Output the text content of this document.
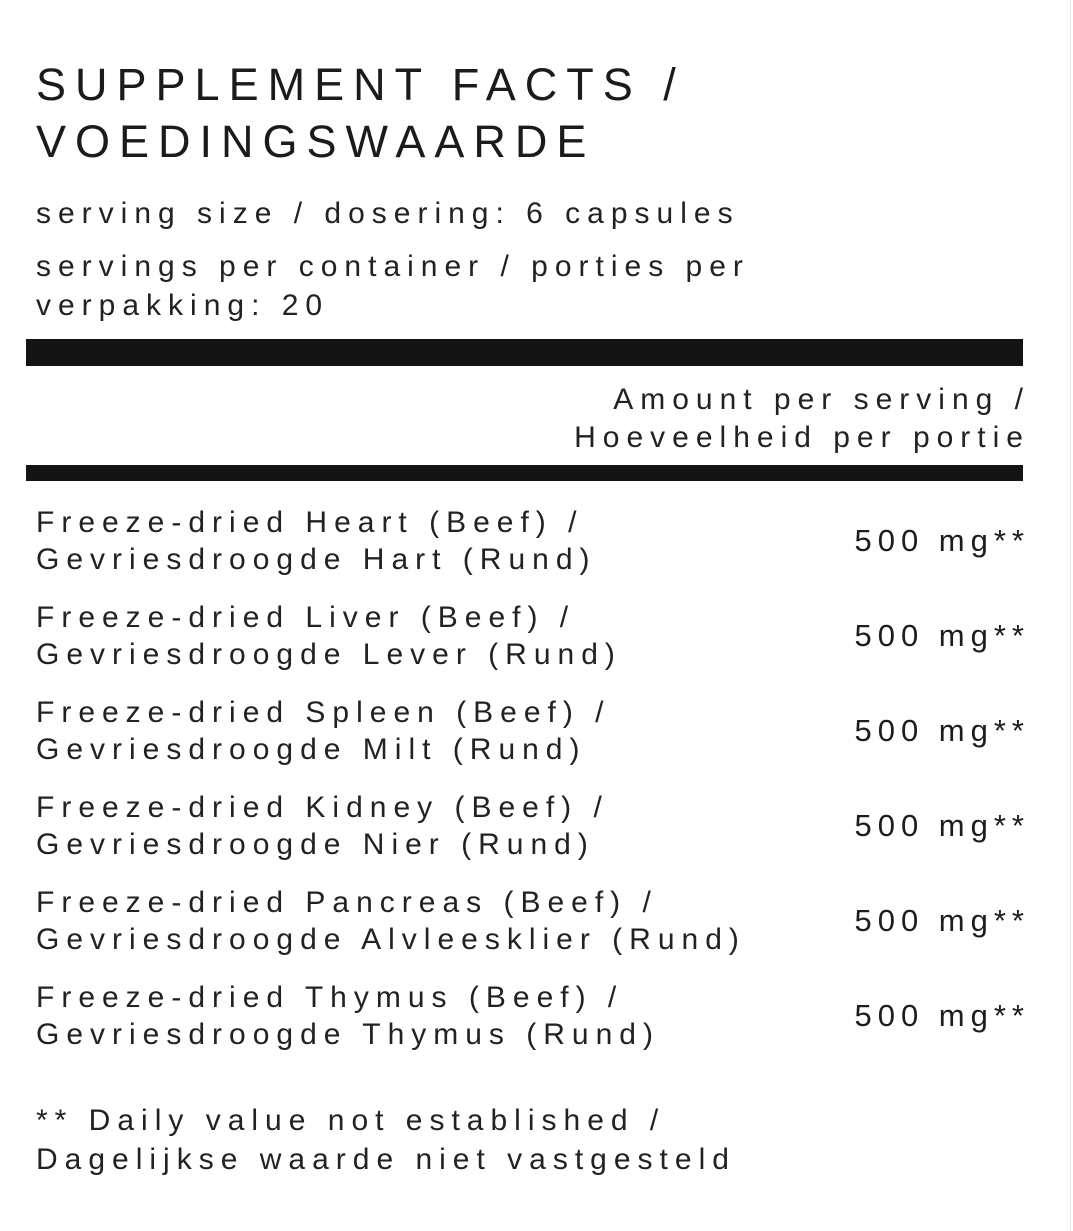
SUPPLEMENT FACTS /
VOEDINGSWAARDE

serving size / dosering: 6 capsules

servings per container / porties per verpakking: 20

Amount per serving /
Hoeveelheid per portie
Freeze-dried Heart (Beef) /
Gevriesdroogde Hart (Rund)
500 mg**
Freeze-dried Liver (Beef) /
Gevriesdroogde Lever (Rund)
500 mg**
Freeze-dried Spleen (Beef) /
Gevriesdroogde Milt (Rund)
500 mg**
Freeze-dried Kidney (Beef) /
Gevriesdroogde Nier (Rund)
500 mg**
Freeze-dried Pancreas (Beef) /
Gevriesdroogde Alvleesklier (Rund)
500 mg**
Freeze-dried Thymus (Beef) /
Gevriesdroogde Thymus (Rund)
500 mg**
** Daily value not established /
Dagelijkse waarde niet vastgesteld
